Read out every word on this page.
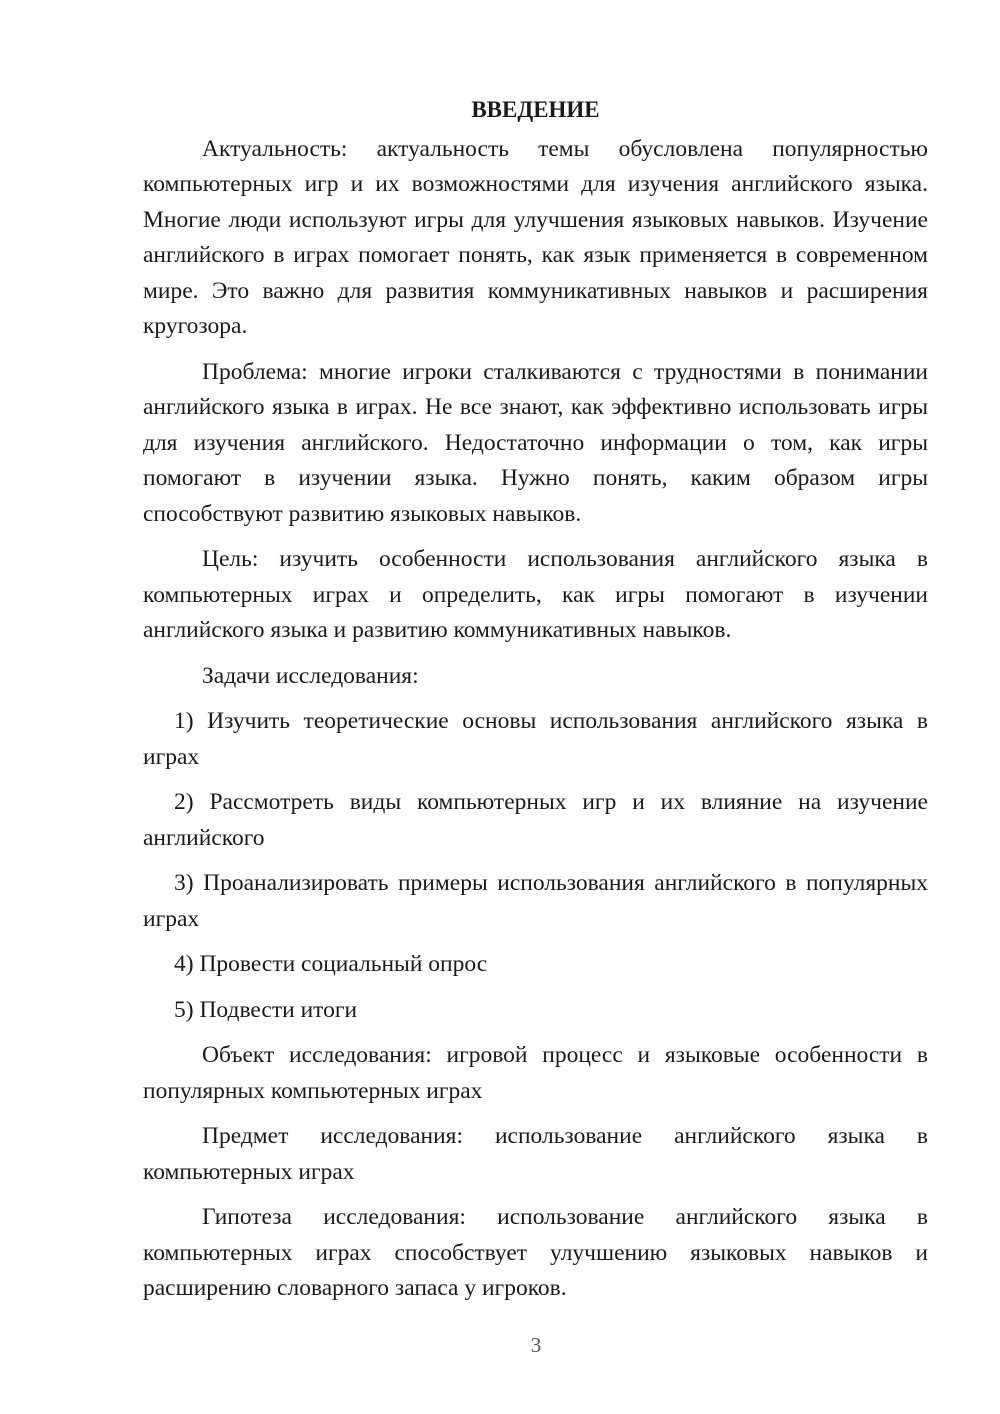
ВВЕДЕНИЕ

Актуальность: актуальность темы обусловлена популярностью компьютерных игр и их возможностями для изучения английского языка. Многие люди используют игры для улучшения языковых навыков. Изучение английского в играх помогает понять, как язык применяется в современном мире. Это важно для развития коммуникативных навыков и расширения кругозора.

Проблема: многие игроки сталкиваются с трудностями в понимании английского языка в играх. Не все знают, как эффективно использовать игры для изучения английского. Недостаточно информации о том, как игры помогают в изучении языка. Нужно понять, каким образом игры способствуют развитию языковых навыков.

Цель: изучить особенности использования английского языка в компьютерных играх и определить, как игры помогают в изучении английского языка и развитию коммуникативных навыков.

Задачи исследования:

1) Изучить теоретические основы использования английского языка в играх

2) Рассмотреть виды компьютерных игр и их влияние на изучение английского

3) Проанализировать примеры использования английского в популярных играх

4) Провести социальный опрос

5) Подвести итоги

Объект исследования: игровой процесс и языковые особенности в популярных компьютерных играх

Предмет исследования: использование английского языка в компьютерных играх

Гипотеза исследования: использование английского языка в компьютерных играх способствует улучшению языковых навыков и расширению словарного запаса у игроков.

3
